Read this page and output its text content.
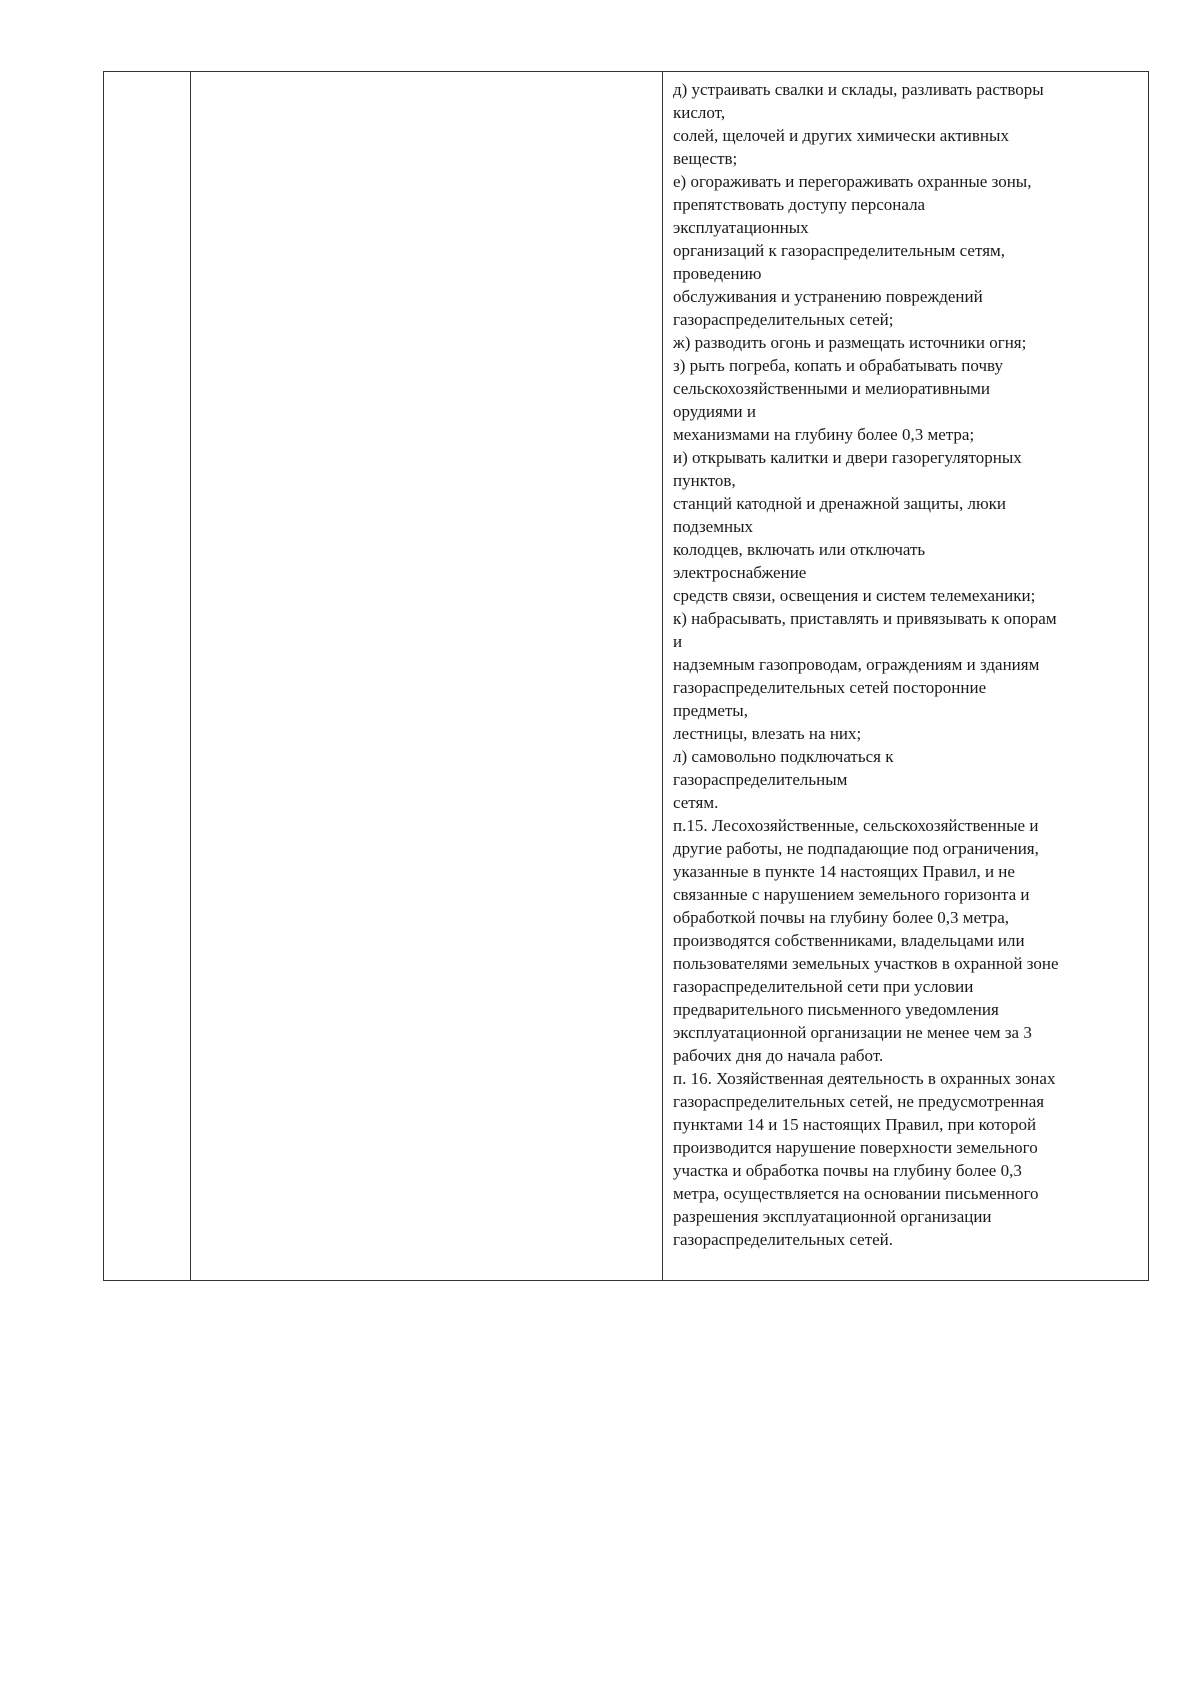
д) устраивать свалки и склады, разливать растворы

кислот,

солей, щелочей и других химически активных

веществ;

е) огораживать и перегораживать охранные зоны,

препятствовать доступу персонала

эксплуатационных

организаций к газораспределительным сетям,

проведению

обслуживания и устранению повреждений

газораспределительных сетей;

ж) разводить огонь и размещать источники огня;

з) рыть погреба, копать и обрабатывать почву

сельскохозяйственными и мелиоративными

орудиями и

механизмами на глубину более 0,3 метра;

и) открывать калитки и двери газорегуляторных

пунктов,

станций катодной и дренажной защиты, люки

подземных

колодцев, включать или отключать

электроснабжение

средств связи, освещения и систем телемеханики;

к) набрасывать, приставлять и привязывать к опорам

и

надземным газопроводам, ограждениям и зданиям

газораспределительных сетей посторонние

предметы,

лестницы, влезать на них;

л) самовольно подключаться к

газораспределительным

сетям.

п.15. Лесохозяйственные, сельскохозяйственные и

другие работы, не подпадающие под ограничения,

указанные в пункте 14 настоящих Правил, и не

связанные с нарушением земельного горизонта и

обработкой почвы на глубину более 0,3 метра,

производятся собственниками, владельцами или

пользователями земельных участков в охранной зоне

газораспределительной сети при условии

предварительного письменного уведомления

эксплуатационной организации не менее чем за 3

рабочих дня до начала работ.

п. 16. Хозяйственная деятельность в охранных зонах

газораспределительных сетей, не предусмотренная

пунктами 14 и 15 настоящих Правил, при которой

производится нарушение поверхности земельного

участка и обработка почвы на глубину более 0,3

метра, осуществляется на основании письменного

разрешения эксплуатационной организации

газораспределительных сетей.
